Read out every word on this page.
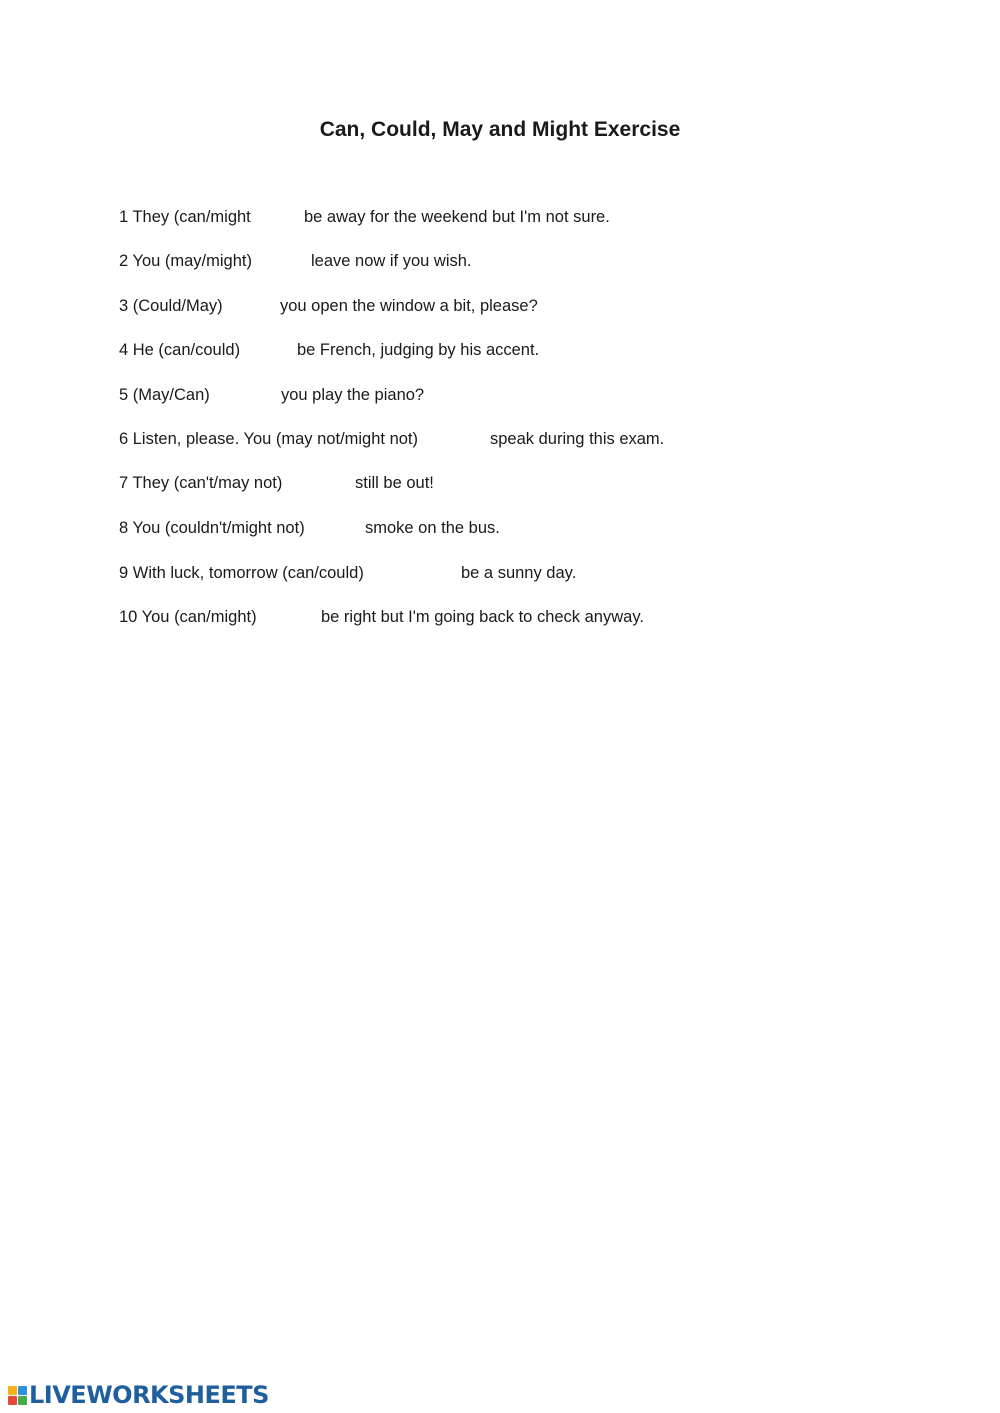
Can, Could, May and Might Exercise
1 They (can/might	be away for the weekend but I'm not sure.
2 You (may/might)	leave now if you wish.
3 (Could/May)	you open the window a bit, please?
4 He (can/could)	be French, judging by his accent.
5 (May/Can)	you play the piano?
6 Listen, please. You (may not/might not)	speak during this exam.
7 They (can't/may not)	still be out!
8 You (couldn't/might not)	smoke on the bus.
9 With luck, tomorrow (can/could)	be a sunny day.
10 You (can/might)	be right but I'm going back to check anyway.
LIVEWORKSHEETS
